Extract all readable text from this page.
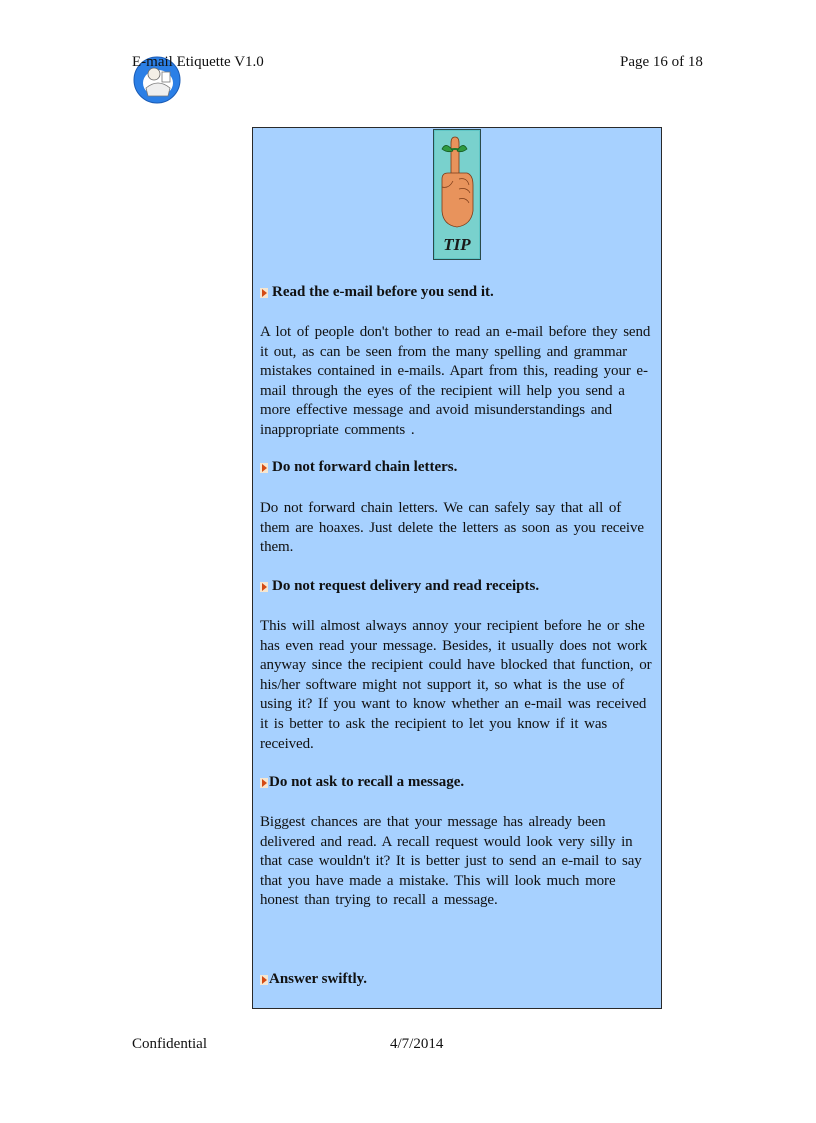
E-mail Etiquette V1.0	Page 16 of 18
TIP
Read the e-mail before you send it.
A lot of people don't bother to read an e-mail before they send it out, as can be seen from the many spelling and grammar mistakes contained in e-mails. Apart from this, reading your e-mail through the eyes of the recipient will help you send a more effective message and avoid misunderstandings and inappropriate comments .
Do not forward chain letters.
Do not forward chain letters. We can safely say that all of them are hoaxes. Just delete the letters as soon as you receive them.
Do not request delivery and read receipts.
This will almost always annoy your recipient before he or she has even read your message. Besides, it usually does not work anyway since the recipient could have blocked that function, or his/her software might not support it, so what is the use of using it? If you want to know whether an e-mail was received it is better to ask the recipient to let you know if it was received.
Do not ask to recall a message.
Biggest chances are that your message has already been delivered and read. A recall request would look very silly in that case wouldn't it? It is better just to send an e-mail to say that you have made a mistake. This will look much more honest than trying to recall a message.
Answer swiftly.
Confidential	4/7/2014
